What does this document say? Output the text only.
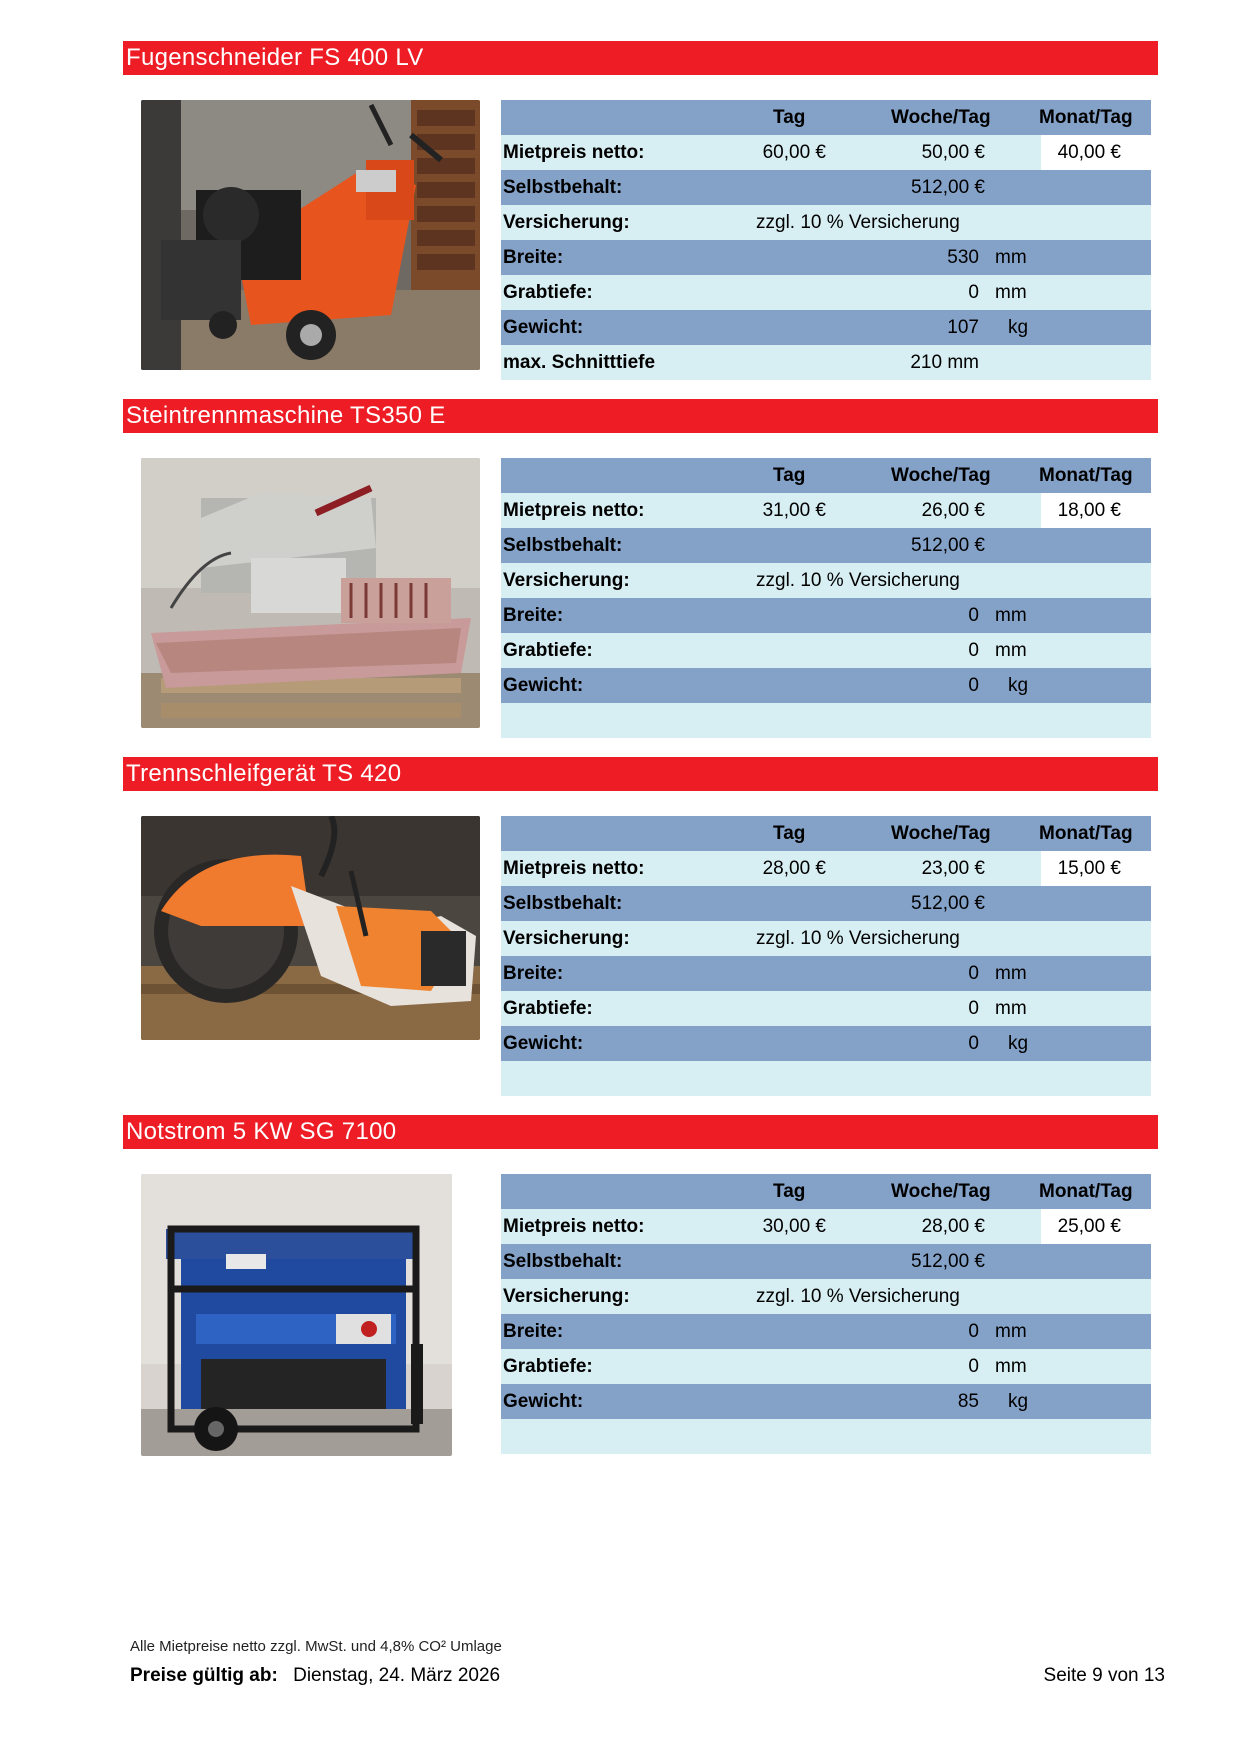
Fugenschneider FS 400 LV
Tag	Woche/Tag	Monat/Tag
Mietpreis netto:	60,00 €	50,00 €	40,00 €
Selbstbehalt:	512,00 €
Versicherung:	zzgl. 10 % Versicherung
Breite:	530 mm
Grabtiefe:	0 mm
Gewicht:	107 kg
max. Schnitttiefe	210 mm
Steintrennmaschine TS350 E
Tag	Woche/Tag	Monat/Tag
Mietpreis netto:	31,00 €	26,00 €	18,00 €
Selbstbehalt:	512,00 €
Versicherung:	zzgl. 10 % Versicherung
Breite:	0 mm
Grabtiefe:	0 mm
Gewicht:	0 kg
Trennschleifgerät TS 420
Tag	Woche/Tag	Monat/Tag
Mietpreis netto:	28,00 €	23,00 €	15,00 €
Selbstbehalt:	512,00 €
Versicherung:	zzgl. 10 % Versicherung
Breite:	0 mm
Grabtiefe:	0 mm
Gewicht:	0 kg
Notstrom 5 KW SG 7100
Tag	Woche/Tag	Monat/Tag
Mietpreis netto:	30,00 €	28,00 €	25,00 €
Selbstbehalt:	512,00 €
Versicherung:	zzgl. 10 % Versicherung
Breite:	0 mm
Grabtiefe:	0 mm
Gewicht:	85 kg
Alle Mietpreise netto zzgl. MwSt. und 4,8% CO² Umlage
Preise gültig ab: Dienstag, 24. März 2026	Seite 9 von 13
